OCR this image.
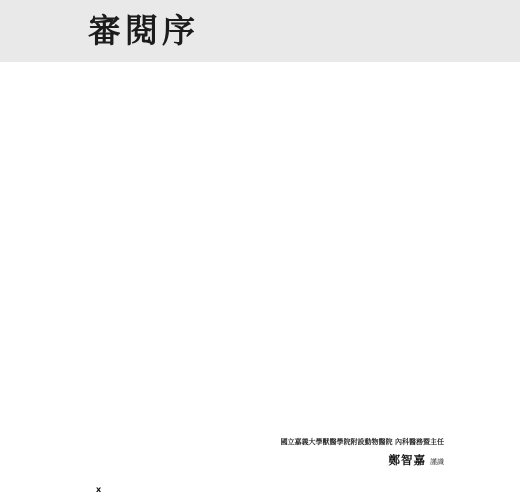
審閱序

國立嘉義大學獸醫學院附設動物醫院 內科醫務暨主任
鄭智嘉 謹識
x
